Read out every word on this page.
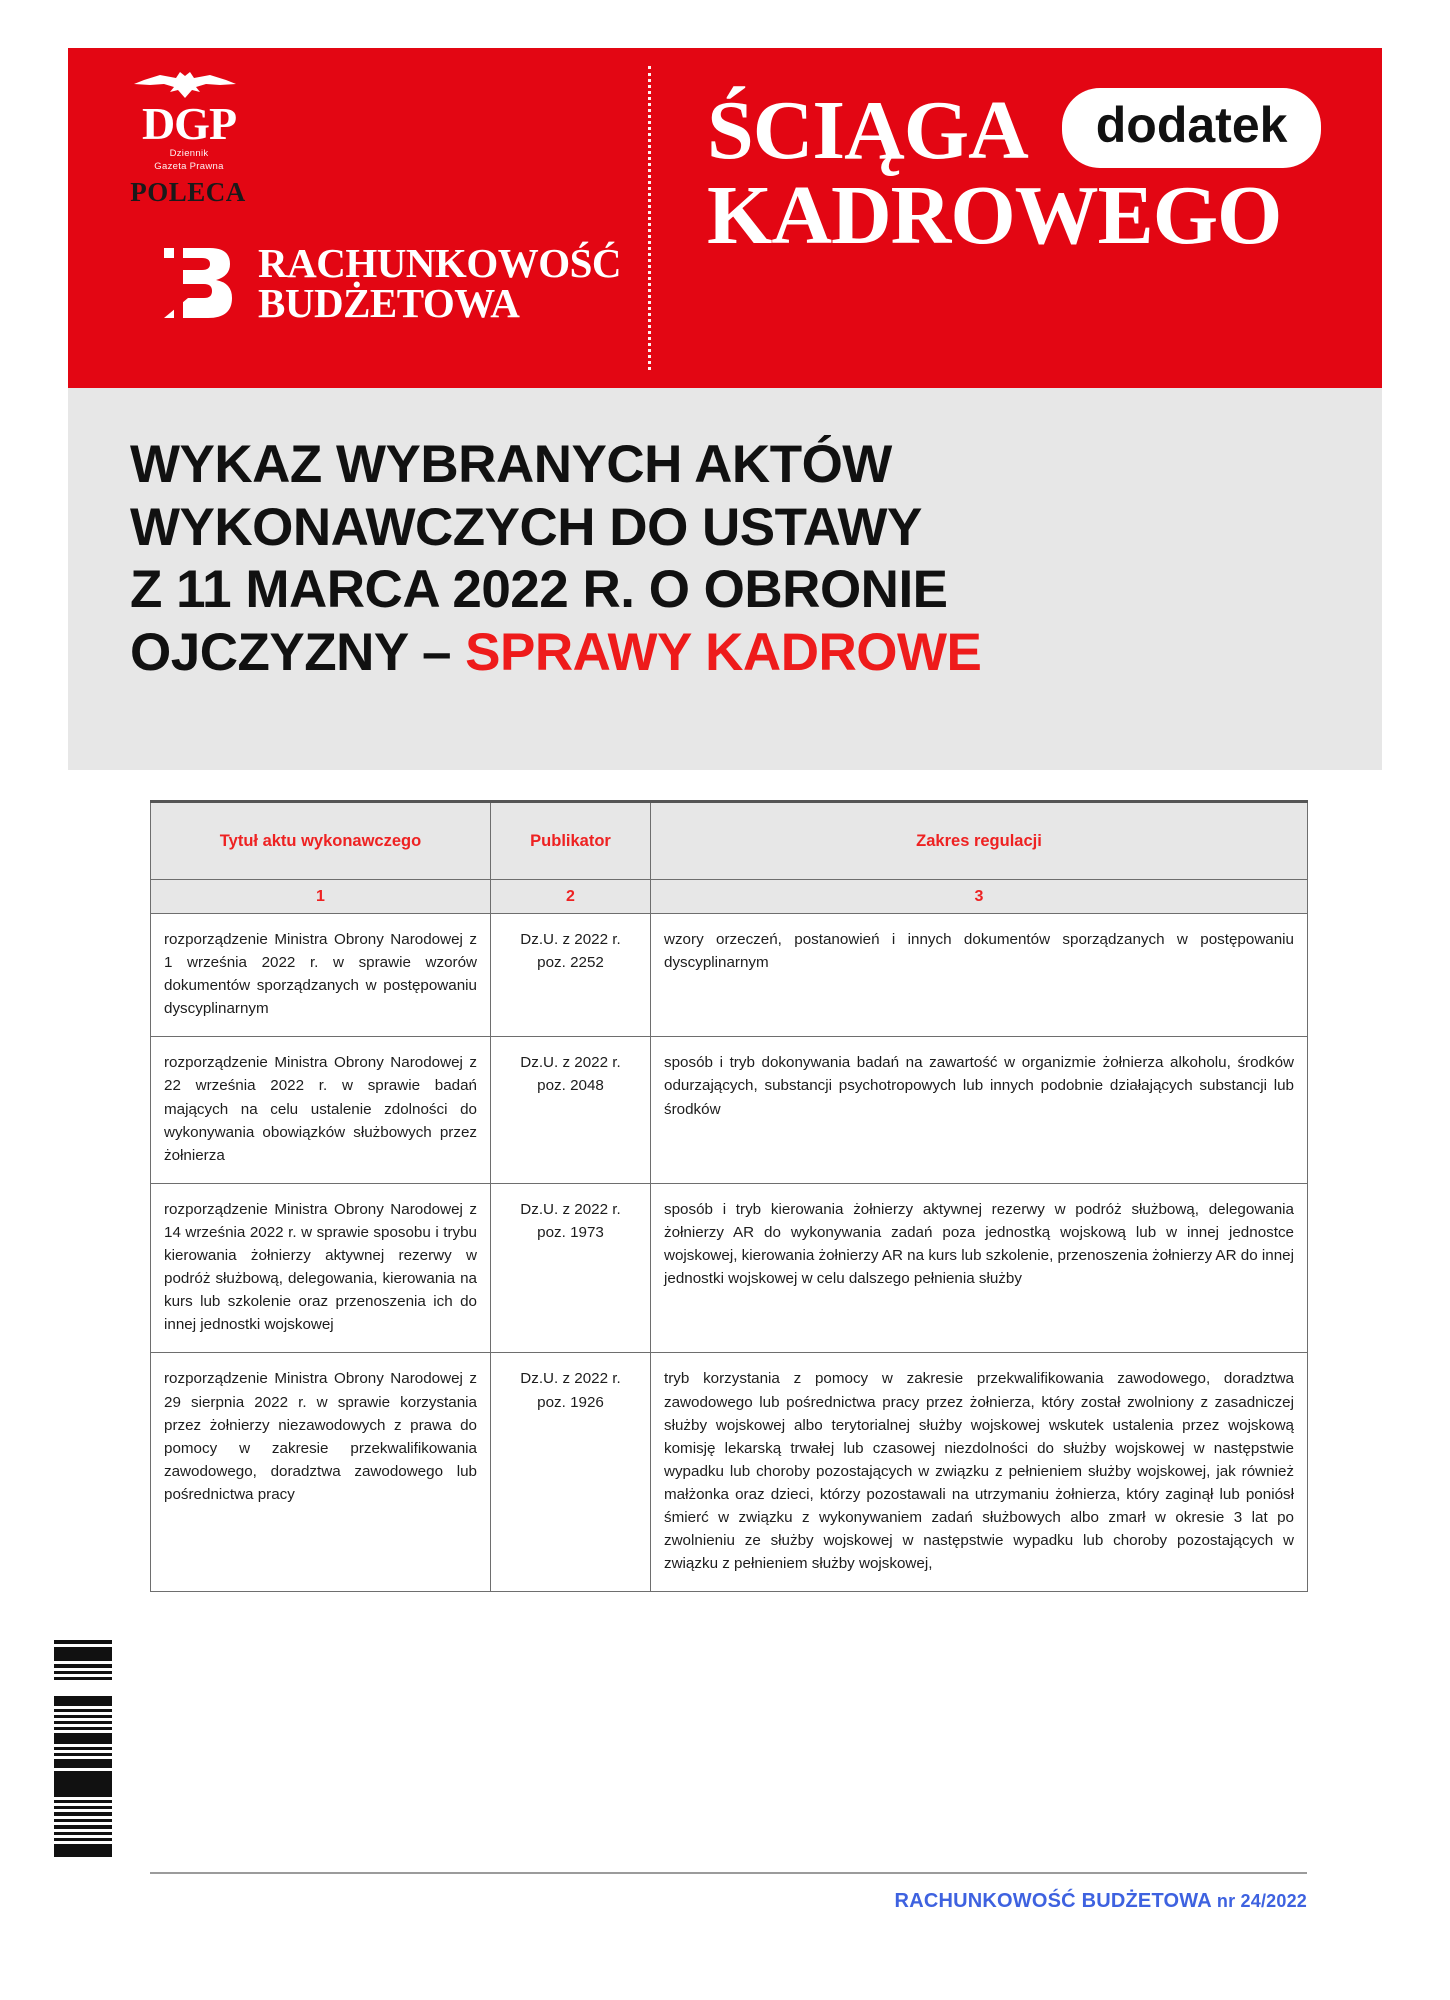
DGP
Dziennik
Gazeta Prawna
POLECA
RACHUNKOWOŚĆ
BUDŻETOWA
ŚCIĄGA	dodatek
KADROWEGO
WYKAZ WYBRANYCH AKTÓW
WYKONAWCZYCH DO USTAWY
Z 11 MARCA 2022 R. O OBRONIE
OJCZYZNY – SPRAWY KADROWE
Tytuł aktu wykonawczego	Publikator	Zakres regulacji
1	2	3
rozporządzenie Ministra Obrony Narodowej z 1 września 2022 r. w sprawie wzorów dokumentów sporządzanych w postępowaniu dyscyplinarnym	Dz.U. z 2022 r. poz. 2252	wzory orzeczeń, postanowień i innych dokumentów sporządzanych w postępowaniu dyscyplinarnym
rozporządzenie Ministra Obrony Narodowej z 22 września 2022 r. w sprawie badań mających na celu ustalenie zdolności do wykonywania obowiązków służbowych przez żołnierza	Dz.U. z 2022 r. poz. 2048	sposób i tryb dokonywania badań na zawartość w organizmie żołnierza alkoholu, środków odurzających, substancji psychotropowych lub innych podobnie działających substancji lub środków
rozporządzenie Ministra Obrony Narodowej z 14 września 2022 r. w sprawie sposobu i trybu kierowania żołnierzy aktywnej rezerwy w podróż służbową, delegowania, kierowania na kurs lub szkolenie oraz przenoszenia ich do innej jednostki wojskowej	Dz.U. z 2022 r. poz. 1973	sposób i tryb kierowania żołnierzy aktywnej rezerwy w podróż służbową, delegowania żołnierzy AR do wykonywania zadań poza jednostką wojskową lub w innej jednostce wojskowej, kierowania żołnierzy AR na kurs lub szkolenie, przenoszenia żołnierzy AR do innej jednostki wojskowej w celu dalszego pełnienia służby
rozporządzenie Ministra Obrony Narodowej z 29 sierpnia 2022 r. w sprawie korzystania przez żołnierzy niezawodowych z prawa do pomocy w zakresie przekwalifikowania zawodowego, doradztwa zawodowego lub pośrednictwa pracy	Dz.U. z 2022 r. poz. 1926	tryb korzystania z pomocy w zakresie przekwalifikowania zawodowego, doradztwa zawodowego lub pośrednictwa pracy przez żołnierza, który został zwolniony z zasadniczej służby wojskowej albo terytorialnej służby wojskowej wskutek ustalenia przez wojskową komisję lekarską trwałej lub czasowej niezdolności do służby wojskowej w następstwie wypadku lub choroby pozostających w związku z pełnieniem służby wojskowej, jak również małżonka oraz dzieci, którzy pozostawali na utrzymaniu żołnierza, który zaginął lub poniósł śmierć w związku z wykonywaniem zadań służbowych albo zmarł w okresie 3 lat po zwolnieniu ze służby wojskowej w następstwie wypadku lub choroby pozostających w związku z pełnieniem służby wojskowej,
RACHUNKOWOŚĆ BUDŻETOWA nr 24/2022
